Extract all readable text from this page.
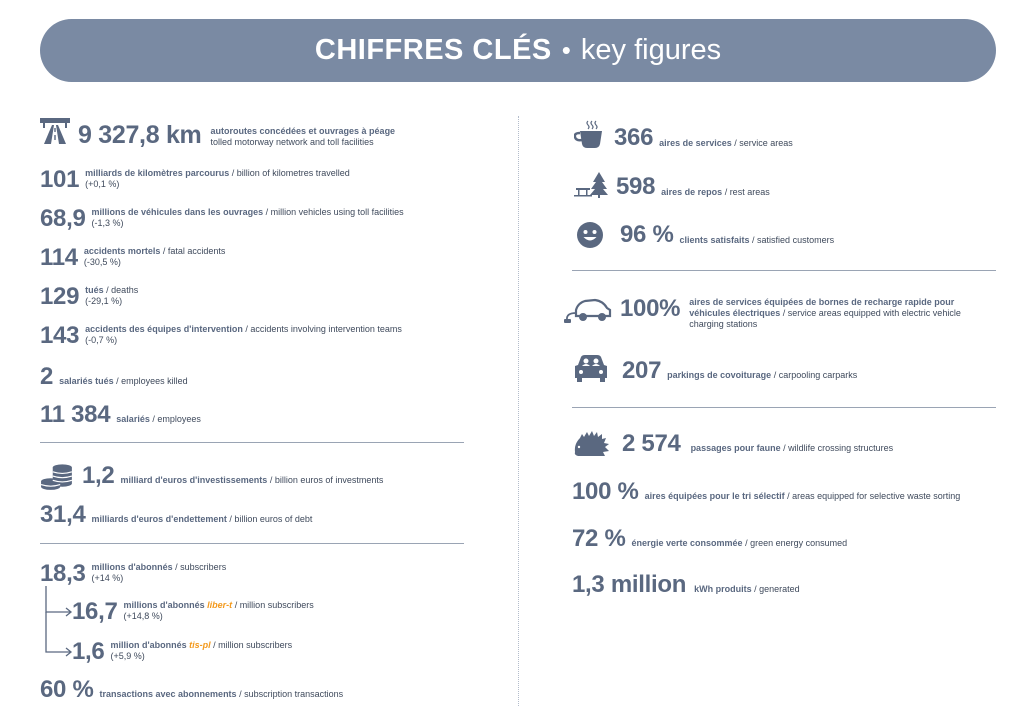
CHIFFRES CLÉS • key figures
9 327,8 km autoroutes concédées et ouvrages à péage
tolled motorway network and toll facilities
101 milliards de kilomètres parcourus / billion of kilometres travelled
(+0,1 %)
68,9 millions de véhicules dans les ouvrages / million vehicles using toll facilities
(-1,3 %)
114 accidents mortels / fatal accidents
(-30,5 %)
129 tués / deaths
(-29,1 %)
143 accidents des équipes d'intervention / accidents involving intervention teams
(-0,7 %)
2 salariés tués / employees killed
11 384 salariés / employees
1,2 milliard d'euros d'investissements / billion euros of investments
31,4 milliards d'euros d'endettement / billion euros of debt
18,3 millions d'abonnés / subscribers
(+14 %)
16,7 millions d'abonnés liber-t / million subscribers
(+14,8 %)
1,6 million d'abonnés tis-pl / million subscribers
(+5,9 %)
60 % transactions avec abonnements / subscription transactions
366 aires de services / service areas
598 aires de repos / rest areas
96 % clients satisfaits / satisfied customers
100% aires de services équipées de bornes de recharge rapide pour
véhicules électriques / service areas equipped with electric vehicle
charging stations
207 parkings de covoiturage / carpooling carparks
2 574 passages pour faune / wildlife crossing structures
100 % aires équipées pour le tri sélectif / areas equipped for selective waste sorting
72 % énergie verte consommée / green energy consumed
1,3 million kWh produits / generated
